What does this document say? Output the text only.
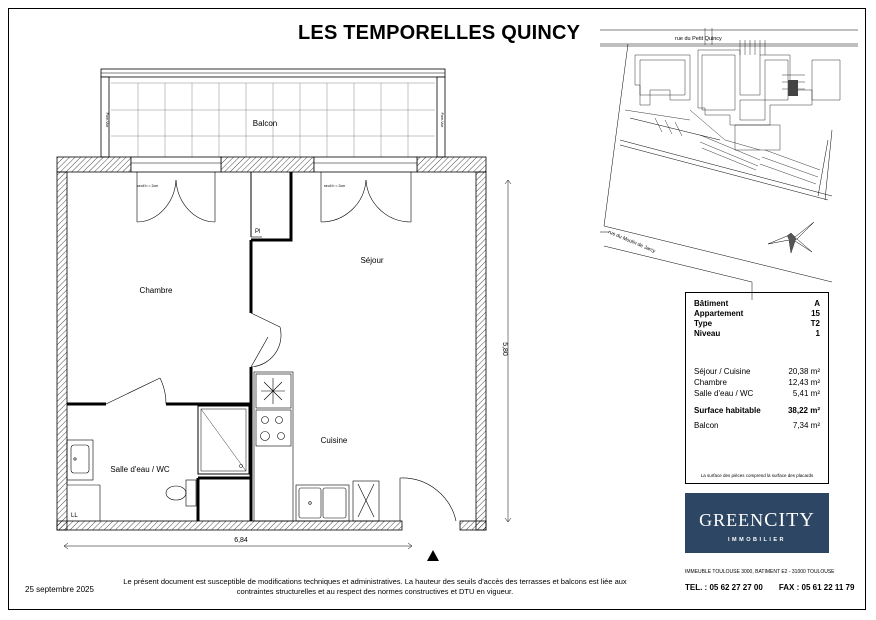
LES TEMPORELLES QUINCY
Pare-Vue	Pare-Vue
Balcon
seuil h = 2cm	seuil h = 2cm
Pl
LL
Chambre
Séjour
Cuisine
Salle d'eau / WC
6,84
5,80
rue du Petit Quincy
rue du Moulin de Jarcy
Bâtiment	A
Appartement	15
Type	T2
Niveau	1
Séjour / Cuisine	20,38 m²
Chambre	12,43 m²
Salle d'eau / WC	5,41 m²
Surface habitable	38,22 m²
Balcon	7,34 m²
La surface des pièces comprend la surface des placards
GREENCITY
IMMOBILIER
IMMEUBLE TOULOUSE 3000, BATIMENT E2 - 31000 TOULOUSE
TEL. : 05 62 27 27 00 FAX : 05 61 22 11 79
25 septembre 2025
Le présent document est susceptible de modifications techniques et administratives. La hauteur des seuils d'accès des terrasses et balcons est liée aux contraintes structurelles et au respect des normes constructives et DTU en vigueur.
